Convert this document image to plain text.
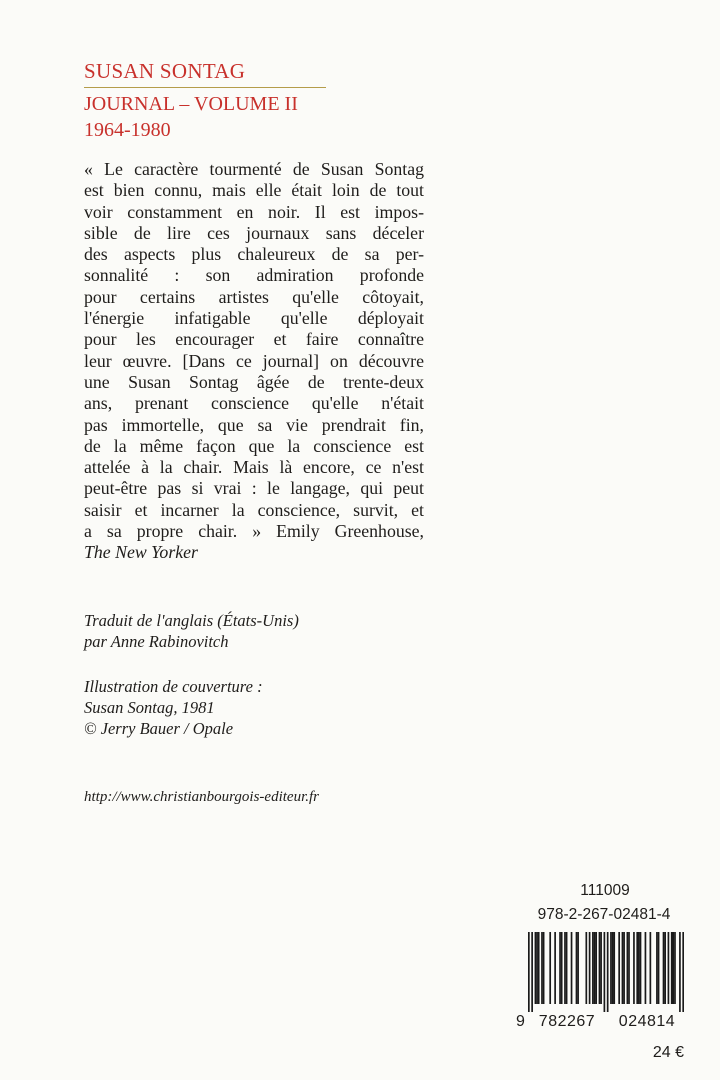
SUSAN SONTAG
JOURNAL – VOLUME II
1964-1980
« Le caractère tourmenté de Susan Sontag
est bien connu, mais elle était loin de tout
voir constamment en noir. Il est impos-
sible de lire ces journaux sans déceler
des aspects plus chaleureux de sa per-
sonnalité : son admiration profonde
pour certains artistes qu'elle côtoyait,
l'énergie infatigable qu'elle déployait
pour les encourager et faire connaître
leur œuvre. [Dans ce journal] on découvre
une Susan Sontag âgée de trente-deux
ans, prenant conscience qu'elle n'était
pas immortelle, que sa vie prendrait fin,
de la même façon que la conscience est
attelée à la chair. Mais là encore, ce n'est
peut-être pas si vrai : le langage, qui peut
saisir et incarner la conscience, survit, et
a sa propre chair. » Emily Greenhouse,
The New Yorker
Traduit de l'anglais (États-Unis)
par Anne Rabinovitch
Illustration de couverture :
Susan Sontag, 1981
© Jerry Bauer / Opale
http://www.christianbourgois-editeur.fr
111009
978-2-267-02481-4
9 782267	024814
24 €
